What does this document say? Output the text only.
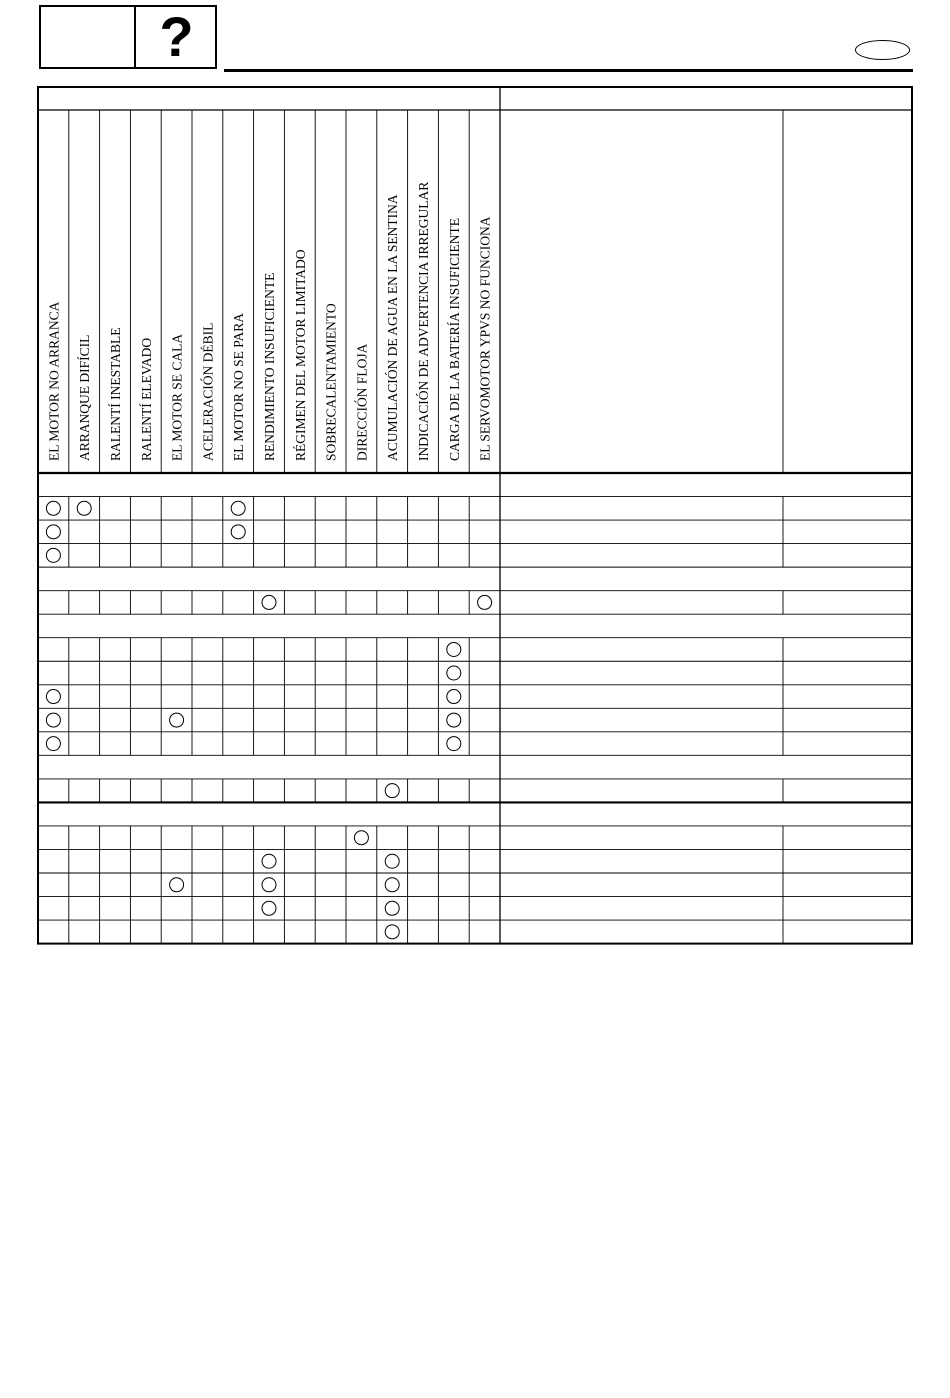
?
EL MOTOR NO ARRANCA ARRANQUE DIFÍCIL RALENTÍ INESTABLE RALENTÍ ELEVADO EL MOTOR SE CALA ACELERACIÓN DÉBIL EL MOTOR NO SE PARA RENDIMIENTO INSUFICIENTE RÉGIMEN DEL MOTOR LIMITADO SOBRECALENTAMIENTO DIRECCIÓN FLOJA ACUMULACIÓN DE AGUA EN LA SENTINA INDICACIÓN DE ADVERTENCIA IRREGULAR CARGA DE LA BATERÍA INSUFICIENTE EL SERVOMOTOR YPVS NO FUNCIONA
